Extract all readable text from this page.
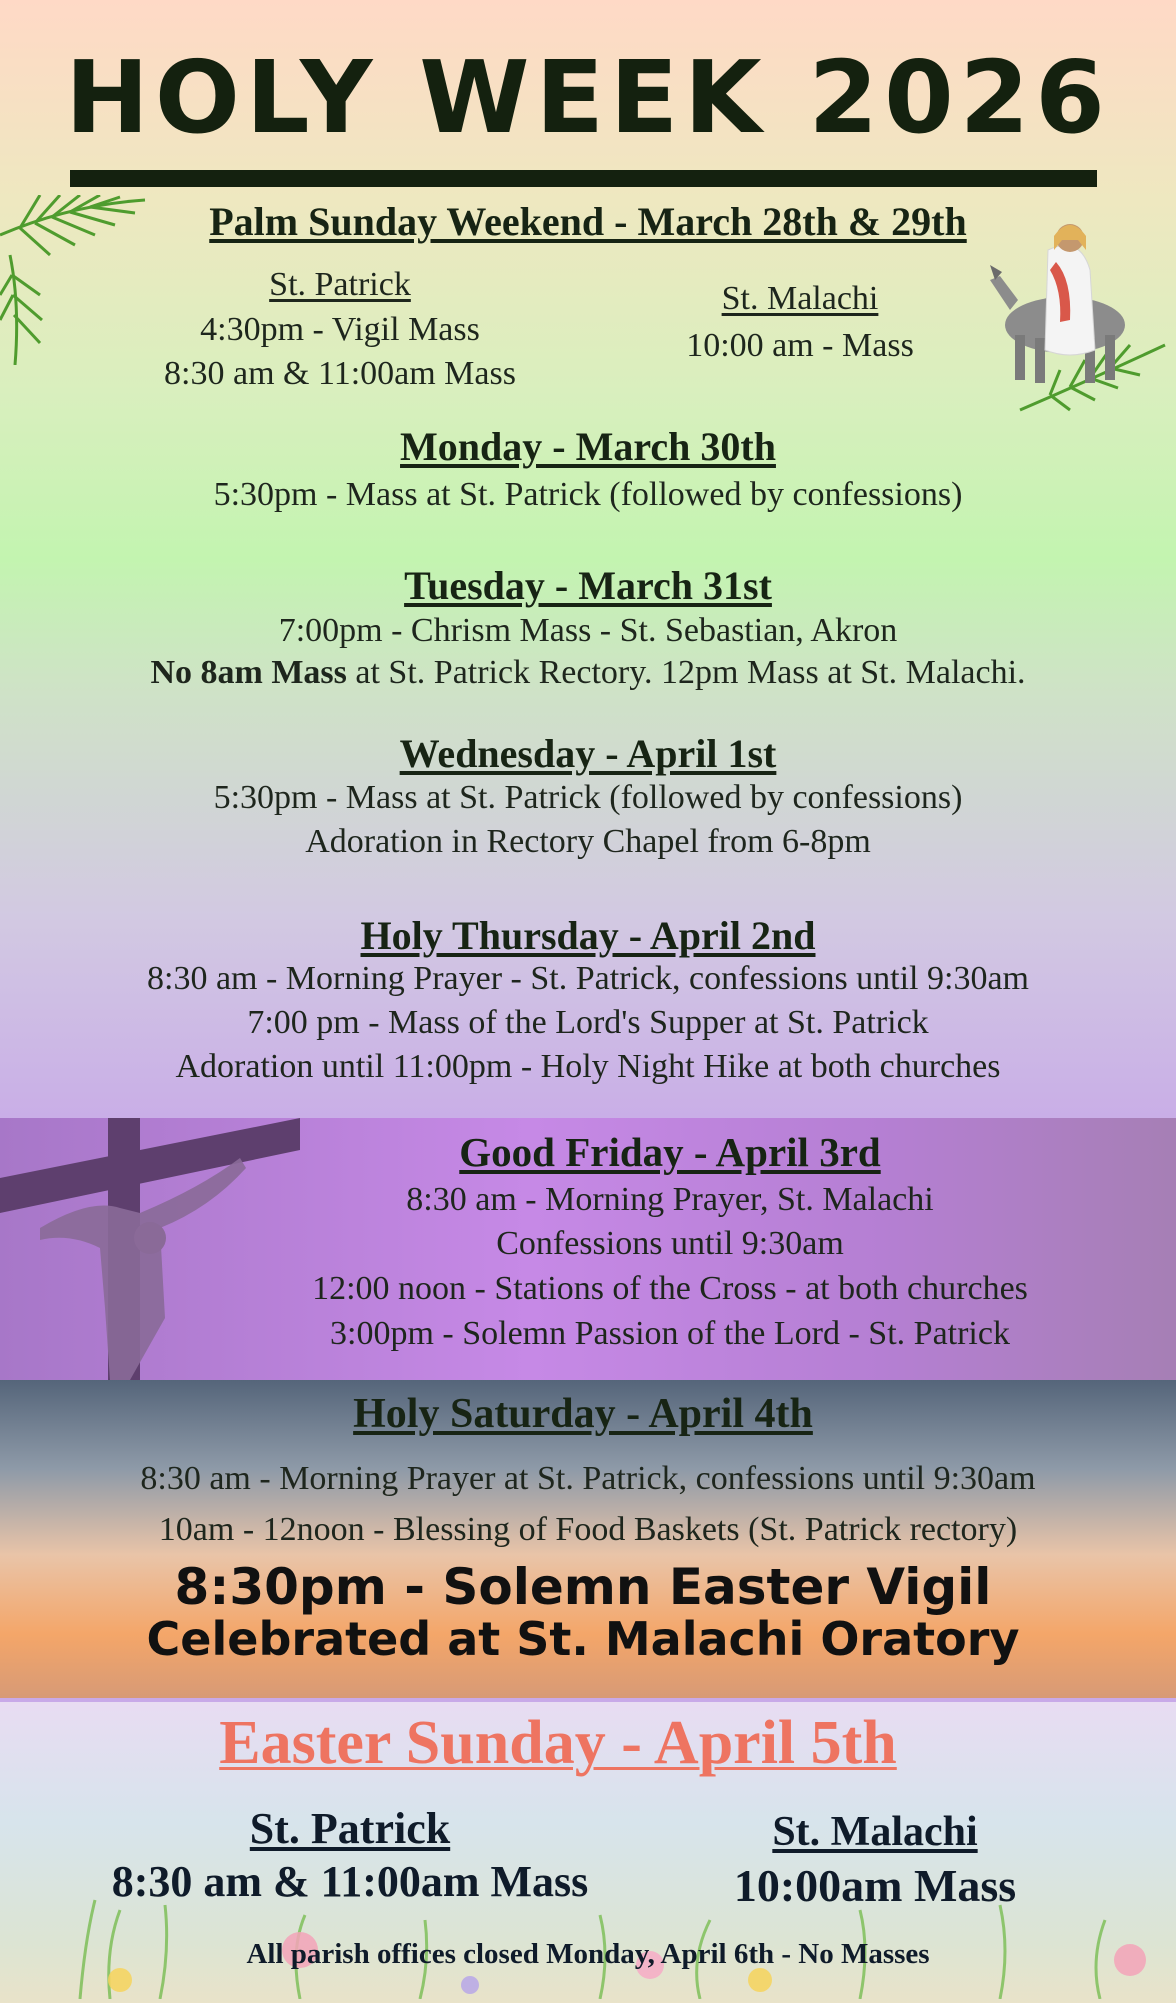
HOLY WEEK 2026
Palm Sunday Weekend - March 28th & 29th
St. Patrick
4:30pm - Vigil Mass
8:30 am & 11:00am Mass
St. Malachi
10:00 am - Mass
Monday - March 30th
5:30pm - Mass at St. Patrick (followed by confessions)
Tuesday - March 31st
7:00pm - Chrism Mass - St. Sebastian, Akron
No 8am Mass at St. Patrick Rectory. 12pm Mass at St. Malachi.
Wednesday - April 1st
5:30pm - Mass at St. Patrick (followed by confessions)
Adoration in Rectory Chapel from 6-8pm
Holy Thursday - April 2nd
8:30 am - Morning Prayer - St. Patrick, confessions until 9:30am
7:00 pm - Mass of the Lord's Supper at St. Patrick
Adoration until 11:00pm - Holy Night Hike at both churches
Good Friday - April 3rd
8:30 am - Morning Prayer, St. Malachi
Confessions until 9:30am
12:00 noon - Stations of the Cross - at both churches
3:00pm - Solemn Passion of the Lord - St. Patrick
Holy Saturday - April 4th
8:30 am - Morning Prayer at St. Patrick, confessions until 9:30am
10am - 12noon - Blessing of Food Baskets (St. Patrick rectory)
8:30pm - Solemn Easter Vigil
Celebrated at St. Malachi Oratory
Easter Sunday - April 5th
St. Patrick
8:30 am & 11:00am Mass
St. Malachi
10:00am Mass
All parish offices closed Monday, April 6th - No Masses
